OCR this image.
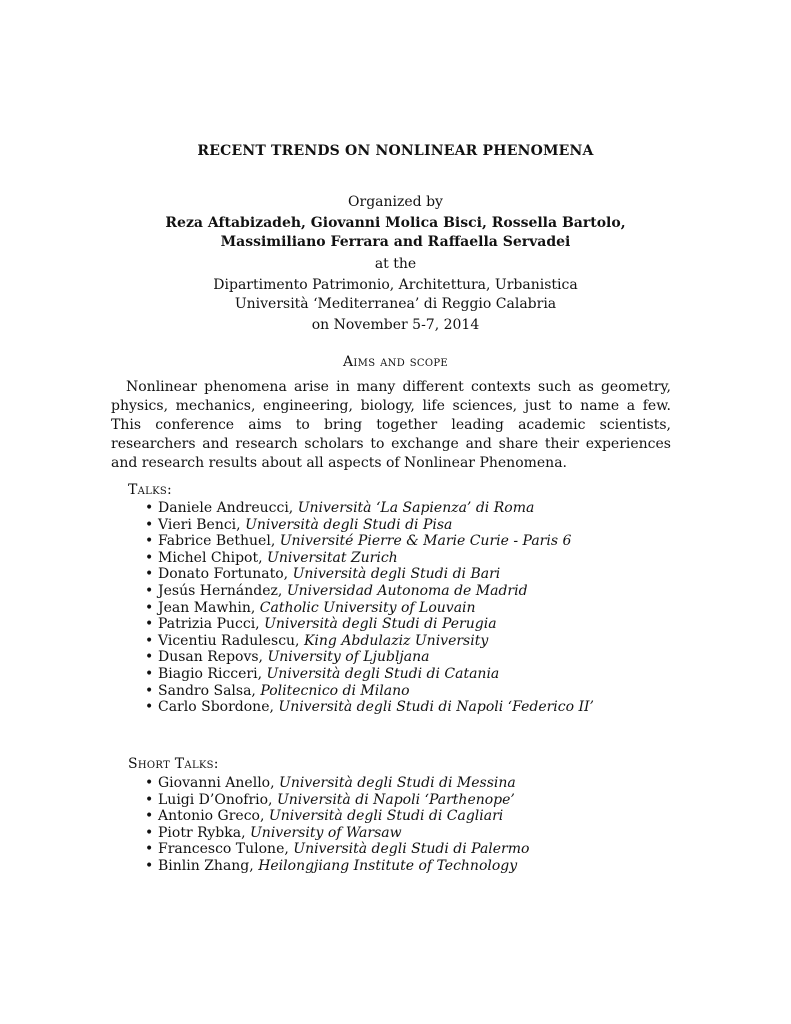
RECENT TRENDS ON NONLINEAR PHENOMENA
Organized by
Reza Aftabizadeh, Giovanni Molica Bisci, Rossella Bartolo,
Massimiliano Ferrara and Raffaella Servadei
at the
Dipartimento Patrimonio, Architettura, Urbanistica
Università ‘Mediterranea’ di Reggio Calabria
on November 5-7, 2014
Aims and scope
Nonlinear phenomena arise in many different contexts such as geometry, physics, mechanics, engineering, biology, life sciences, just to name a few. This conference aims to bring together leading academic scientists, researchers and research scholars to exchange and share their experiences and research results about all aspects of Nonlinear Phenomena.
Talks:
• Daniele Andreucci, Università ‘La Sapienza’ di Roma
• Vieri Benci, Università degli Studi di Pisa
• Fabrice Bethuel, Université Pierre & Marie Curie - Paris 6
• Michel Chipot, Universitat Zurich
• Donato Fortunato, Università degli Studi di Bari
• Jesús Hernández, Universidad Autonoma de Madrid
• Jean Mawhin, Catholic University of Louvain
• Patrizia Pucci, Università degli Studi di Perugia
• Vicentiu Radulescu, King Abdulaziz University
• Dusan Repovs, University of Ljubljana
• Biagio Ricceri, Università degli Studi di Catania
• Sandro Salsa, Politecnico di Milano
• Carlo Sbordone, Università degli Studi di Napoli ‘Federico II’
Short Talks:
• Giovanni Anello, Università degli Studi di Messina
• Luigi D’Onofrio, Università di Napoli ‘Parthenope’
• Antonio Greco, Università degli Studi di Cagliari
• Piotr Rybka, University of Warsaw
• Francesco Tulone, Università degli Studi di Palermo
• Binlin Zhang, Heilongjiang Institute of Technology
